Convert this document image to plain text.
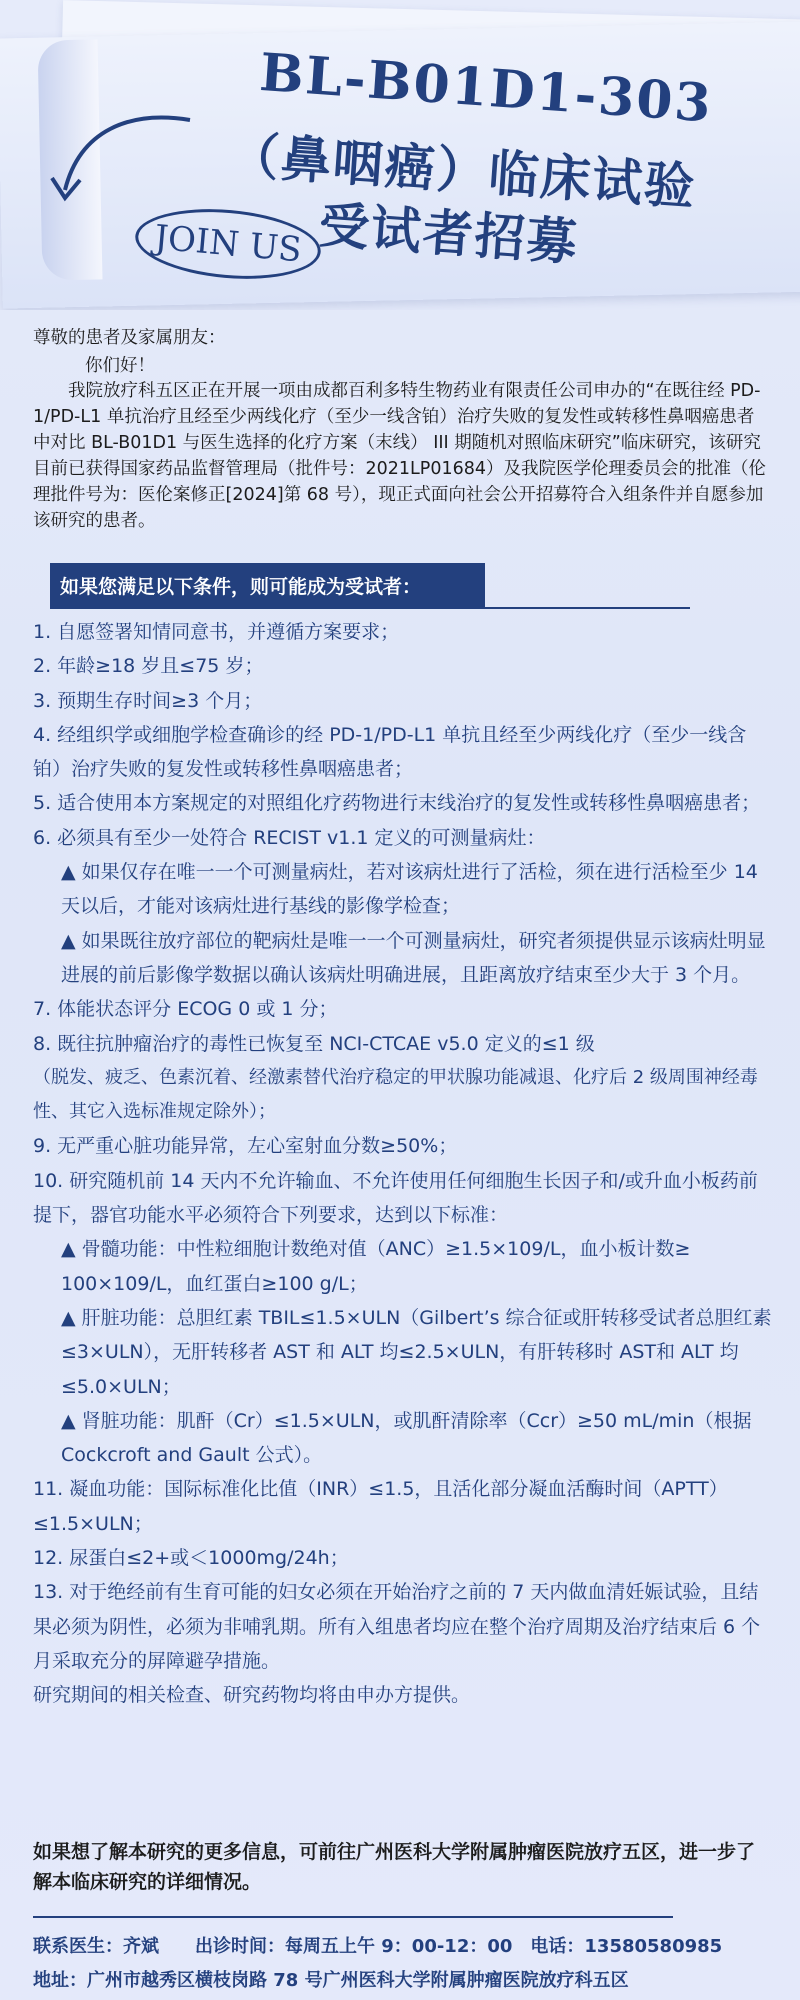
BL-B01D1-303
（鼻咽癌）临床试验
受试者招募
JOIN US
尊敬的患者及家属朋友：
你们好！

　　我院放疗科五区正在开展一项由成都百利多特生物药业有限责任公司申办的“在既往经 PD-1/PD-L1 单抗治疗且经至少两线化疗（至少一线含铂）治疗失败的复发性或转移性鼻咽癌患者中对比 BL-B01D1 与医生选择的化疗方案（末线） III 期随机对照临床研究”临床研究，该研究目前已获得国家药品监督管理局（批件号：2021LP01684）及我院医学伦理委员会的批准（伦理批件号为：医伦案修正[2024]第 68 号），现正式面向社会公开招募符合入组条件并自愿参加该研究的患者。

如果您满足以下条件，则可能成为受试者：
1. 自愿签署知情同意书，并遵循方案要求；
2. 年龄≥18 岁且≤75 岁；
3. 预期生存时间≥3 个月；
4. 经组织学或细胞学检查确诊的经 PD-1/PD-L1 单抗且经至少两线化疗（至少一线含铂）治疗失败的复发性或转移性鼻咽癌患者；
5. 适合使用本方案规定的对照组化疗药物进行末线治疗的复发性或转移性鼻咽癌患者；
6. 必须具有至少一处符合 RECIST v1.1 定义的可测量病灶：
▲ 如果仅存在唯一一个可测量病灶，若对该病灶进行了活检，须在进行活检至少 14 天以后，才能对该病灶进行基线的影像学检查；
▲ 如果既往放疗部位的靶病灶是唯一一个可测量病灶，研究者须提供显示该病灶明显进展的前后影像学数据以确认该病灶明确进展，且距离放疗结束至少大于 3 个月。
7. 体能状态评分 ECOG 0 或 1 分；
8. 既往抗肿瘤治疗的毒性已恢复至 NCI-CTCAE v5.0 定义的≤1 级
（脱发、疲乏、色素沉着、经激素替代治疗稳定的甲状腺功能减退、化疗后 2 级周围神经毒性、其它入选标准规定除外）；
9. 无严重心脏功能异常，左心室射血分数≥50%；
10. 研究随机前 14 天内不允许输血、不允许使用任何细胞生长因子和/或升血小板药前提下，器官功能水平必须符合下列要求，达到以下标准：
▲ 骨髓功能：中性粒细胞计数绝对值（ANC）≥1.5×109/L，血小板计数≥ 100×109/L，血红蛋白≥100 g/L；
▲ 肝脏功能：总胆红素 TBIL≤1.5×ULN（Gilbert’s 综合征或肝转移受试者总胆红素≤3×ULN），无肝转移者 AST 和 ALT 均≤2.5×ULN，有肝转移时 AST和 ALT 均≤5.0×ULN；
▲ 肾脏功能：肌酐（Cr）≤1.5×ULN，或肌酐清除率（Ccr）≥50 mL/min（根据 Cockcroft and Gault 公式）。
11. 凝血功能：国际标准化比值（INR）≤1.5，且活化部分凝血活酶时间（APTT）≤1.5×ULN；
12. 尿蛋白≤2+或＜1000mg/24h；
13. 对于绝经前有生育可能的妇女必须在开始治疗之前的 7 天内做血清妊娠试验，且结果必须为阴性，必须为非哺乳期。所有入组患者均应在整个治疗周期及治疗结束后 6 个月采取充分的屏障避孕措施。
研究期间的相关检查、研究药物均将由申办方提供。
如果想了解本研究的更多信息，可前往广州医科大学附属肿瘤医院放疗五区，进一步了解本临床研究的详细情况。
联系医生：齐斌　　出诊时间：每周五上午 9：00-12：00　电话：13580580985
地址：广州市越秀区横枝岗路 78 号广州医科大学附属肿瘤医院放疗科五区
